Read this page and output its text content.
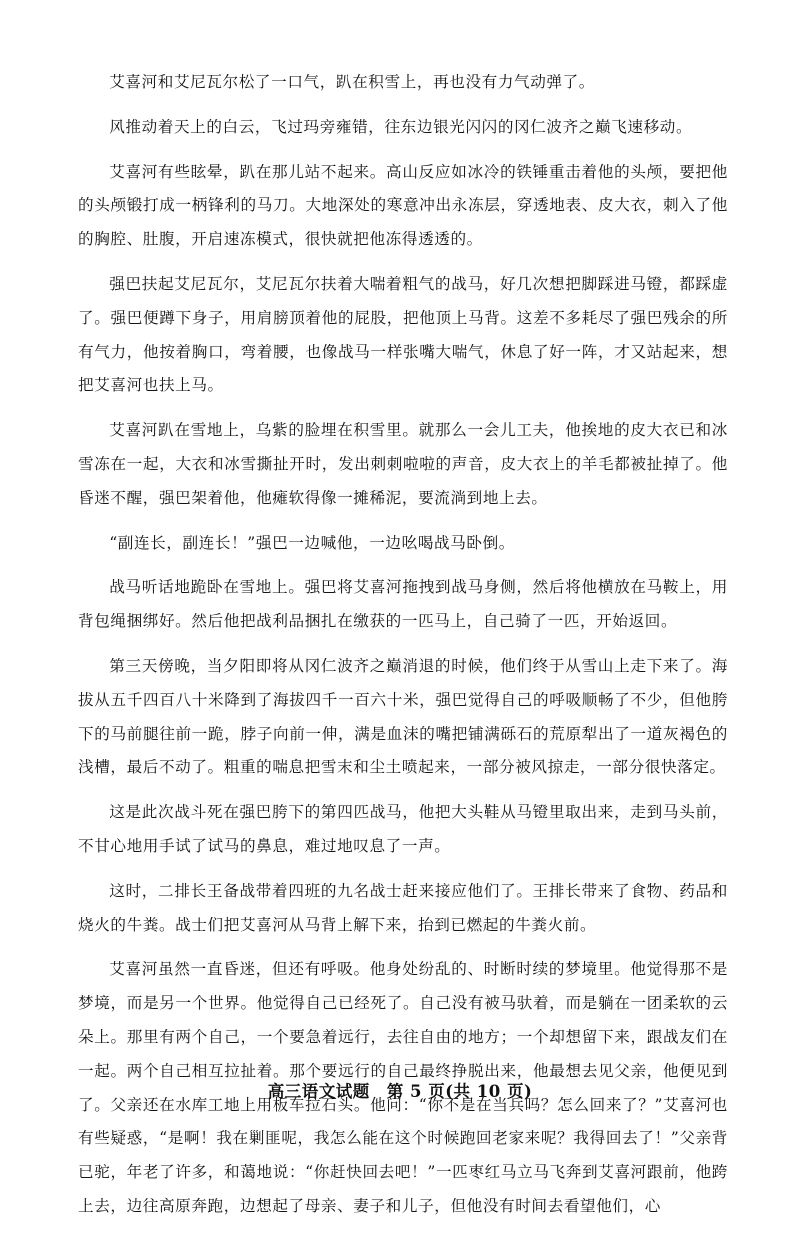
艾喜河和艾尼瓦尔松了一口气，趴在积雪上，再也没有力气动弹了。

风推动着天上的白云，飞过玛旁雍错，往东边银光闪闪的冈仁波齐之巅飞速移动。

艾喜河有些眩晕，趴在那儿站不起来。高山反应如冰冷的铁锤重击着他的头颅，要把他的头颅锻打成一柄锋利的马刀。大地深处的寒意冲出永冻层，穿透地表、皮大衣，刺入了他的胸腔、肚腹，开启速冻模式，很快就把他冻得透透的。

强巴扶起艾尼瓦尔，艾尼瓦尔扶着大喘着粗气的战马，好几次想把脚踩进马镫，都踩虚了。强巴便蹲下身子，用肩膀顶着他的屁股，把他顶上马背。这差不多耗尽了强巴残余的所有气力，他按着胸口，弯着腰，也像战马一样张嘴大喘气，休息了好一阵，才又站起来，想把艾喜河也扶上马。

艾喜河趴在雪地上，乌紫的脸埋在积雪里。就那么一会儿工夫，他挨地的皮大衣已和冰雪冻在一起，大衣和冰雪撕扯开时，发出刺刺啦啦的声音，皮大衣上的羊毛都被扯掉了。他昏迷不醒，强巴架着他，他瘫软得像一摊稀泥，要流淌到地上去。

“副连长，副连长！”强巴一边喊他，一边吆喝战马卧倒。

战马听话地跪卧在雪地上。强巴将艾喜河拖拽到战马身侧，然后将他横放在马鞍上，用背包绳捆绑好。然后他把战利品捆扎在缴获的一匹马上，自己骑了一匹，开始返回。

第三天傍晚，当夕阳即将从冈仁波齐之巅消退的时候，他们终于从雪山上走下来了。海拔从五千四百八十米降到了海拔四千一百六十米，强巴觉得自己的呼吸顺畅了不少，但他胯下的马前腿往前一跪，脖子向前一伸，满是血沫的嘴把铺满砾石的荒原犁出了一道灰褐色的浅槽，最后不动了。粗重的喘息把雪末和尘土喷起来，一部分被风掠走，一部分很快落定。

这是此次战斗死在强巴胯下的第四匹战马，他把大头鞋从马镫里取出来，走到马头前，不甘心地用手试了试马的鼻息，难过地叹息了一声。

这时，二排长王备战带着四班的九名战士赶来接应他们了。王排长带来了食物、药品和烧火的牛粪。战士们把艾喜河从马背上解下来，抬到已燃起的牛粪火前。

艾喜河虽然一直昏迷，但还有呼吸。他身处纷乱的、时断时续的梦境里。他觉得那不是梦境，而是另一个世界。他觉得自己已经死了。自己没有被马驮着，而是躺在一团柔软的云朵上。那里有两个自己，一个要急着远行，去往自由的地方；一个却想留下来，跟战友们在一起。两个自己相互拉扯着。那个要远行的自己最终挣脱出来，他最想去见父亲，他便见到了。父亲还在水库工地上用板车拉石头。他问：“你不是在当兵吗？怎么回来了？”艾喜河也有些疑惑，“是啊！我在剿匪呢，我怎么能在这个时候跑回老家来呢？我得回去了！”父亲背已驼，年老了许多，和蔼地说：“你赶快回去吧！”一匹枣红马立马飞奔到艾喜河跟前，他跨上去，边往高原奔跑，边想起了母亲、妻子和儿子，但他没有时间去看望他们，心

高三语文试题　第 5 页(共 10 页)
